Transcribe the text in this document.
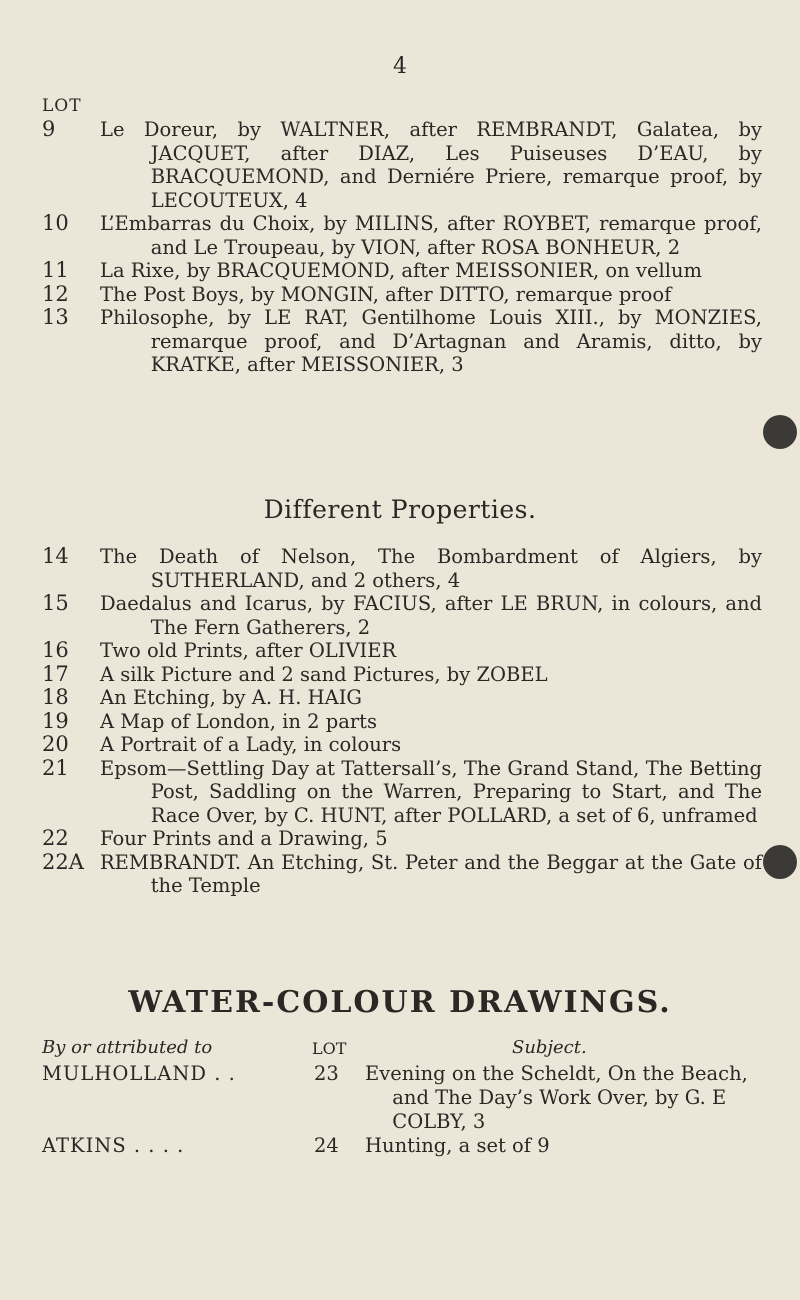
4
LOT
9	Le Doreur, by WALTNER, after REMBRANDT, Galatea, by JACQUET, after DIAZ, Les Puiseuses D’EAU, by BRACQUEMOND, and Derniére Priere, remarque proof, by LECOUTEUX, 4
10	L’Embarras du Choix, by MILINS, after ROYBET, remarque proof, and Le Troupeau, by VION, after ROSA BONHEUR, 2
11	La Rixe, by BRACQUEMOND, after MEISSONIER, on vellum
12	The Post Boys, by MONGIN, after DITTO, remarque proof
13	Philosophe, by LE RAT, Gentilhome Louis XIII., by MONZIES, remarque proof, and D’Artagnan and Aramis, ditto, by KRATKE, after MEISSONIER, 3
Different Properties.
14	The Death of Nelson, The Bombardment of Algiers, by SUTHERLAND, and 2 others, 4
15	Daedalus and Icarus, by FACIUS, after LE BRUN, in colours, and The Fern Gatherers, 2
16	Two old Prints, after OLIVIER
17	A silk Picture and 2 sand Pictures, by ZOBEL
18	An Etching, by A. H. HAIG
19	A Map of London, in 2 parts
20	A Portrait of a Lady, in colours
21	Epsom—Settling Day at Tattersall’s, The Grand Stand, The Betting Post, Saddling on the Warren, Preparing to Start, and The Race Over, by C. HUNT, after POLLARD, a set of 6, unframed
22	Four Prints and a Drawing, 5
22A REMBRANDT. An Etching, St. Peter and the Beggar at the Gate of the Temple
WATER-COLOUR DRAWINGS.
By or attributed to	LOT	Subject.
MULHOLLAND . .	23 Evening on the Scheldt, On the Beach, and The Day’s Work Over, by G. E COLBY, 3
ATKINS . . . .	24 Hunting, a set of 9
